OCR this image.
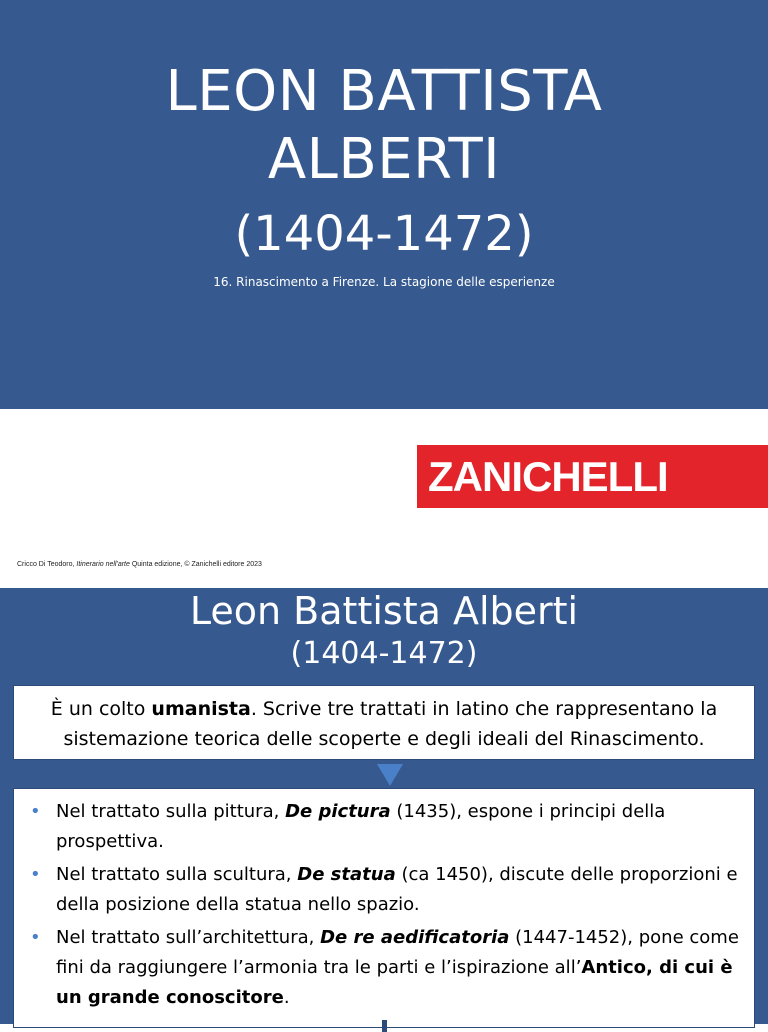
LEON BATTISTA
ALBERTI
(1404-1472)
16. Rinascimento a Firenze. La stagione delle esperienze
ZANICHELLI
Cricco Di Teodoro, Itinerario nell'arte Quinta edizione, © Zanichelli editore 2023
Leon Battista Alberti
(1404-1472)
È un colto umanista. Scrive tre trattati in latino che rappresentano la sistemazione teorica delle scoperte e degli ideali del Rinascimento.
• Nel trattato sulla pittura, De pictura (1435), espone i principi della prospettiva.
• Nel trattato sulla scultura, De statua (ca 1450), discute delle proporzioni e della posizione della statua nello spazio.
• Nel trattato sull’architettura, De re aedificatoria (1447-1452), pone come fini da raggiungere l’armonia tra le parti e l’ispirazione all’Antico, di cui è un grande conoscitore.
